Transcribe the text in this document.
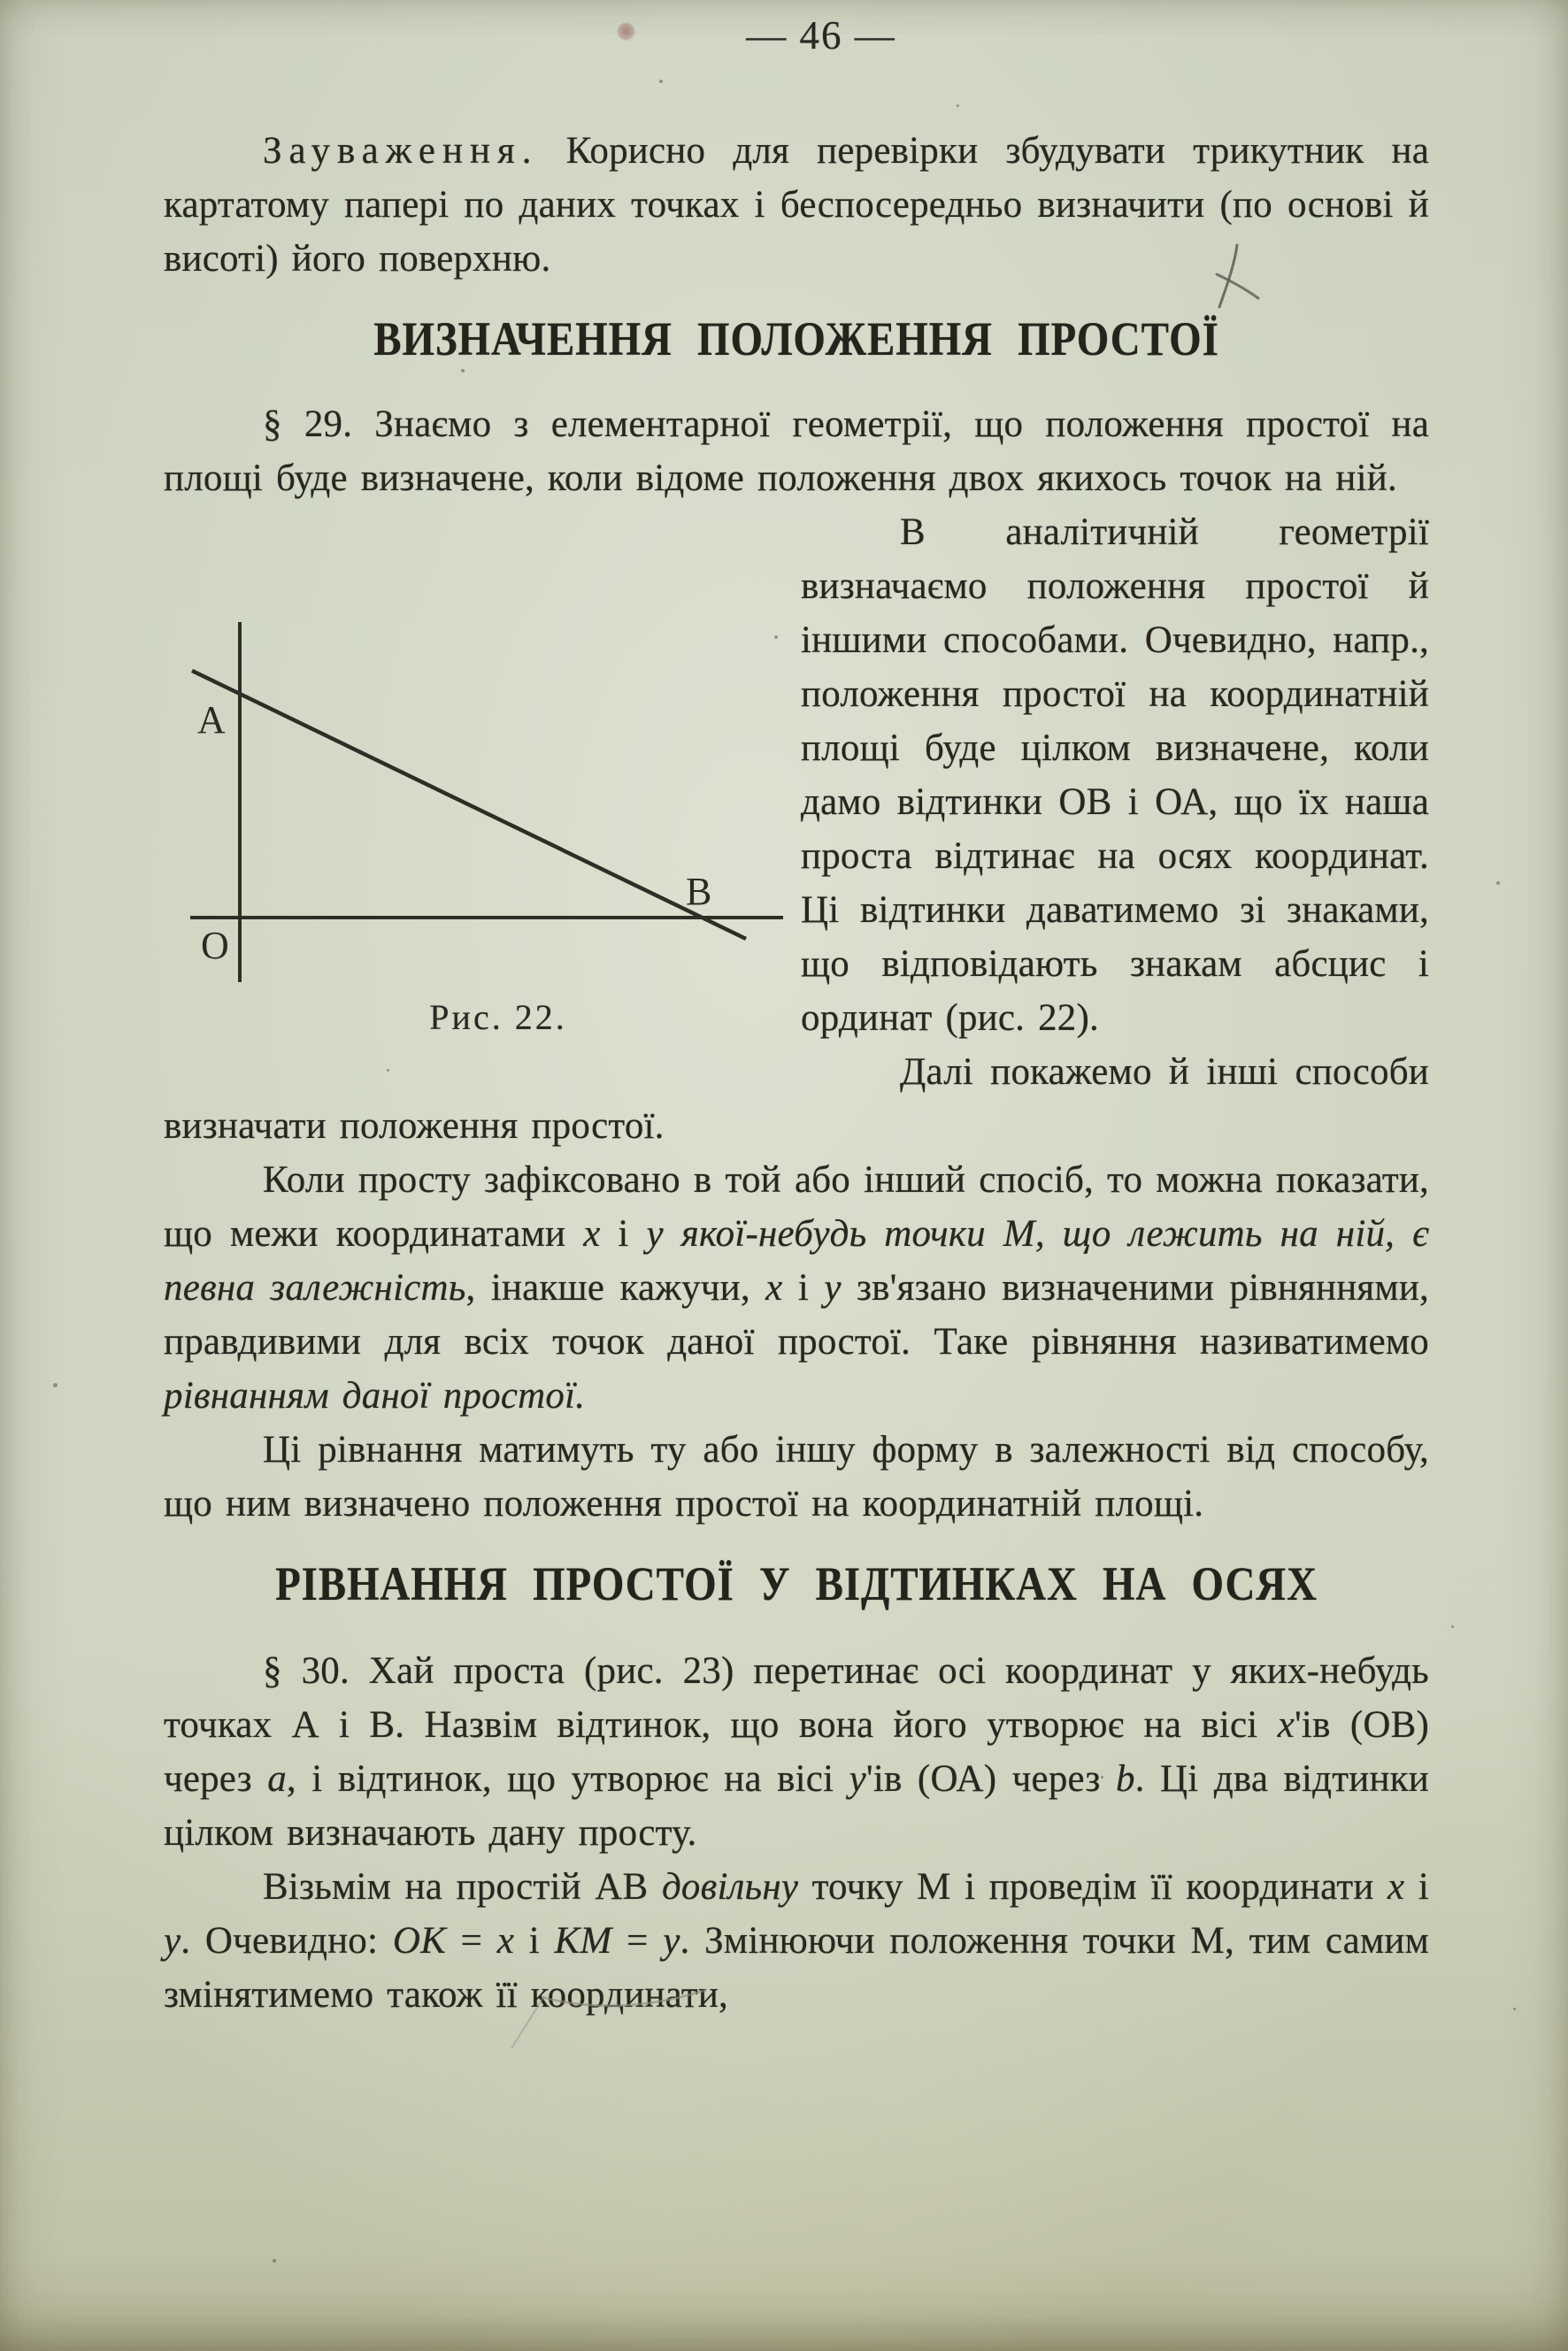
— 46 —

Зауваження. Корисно для перевірки збудувати трикутник на картатому папері по даних точках і беспосередньо визначити (по основі й висоті) його поверхню.

ВИЗНАЧЕННЯ ПОЛОЖЕННЯ ПРОСТОЇ

§ 29. Знаємо з елементарної геометрії, що положення простої на площі буде визначене, коли відоме положення двох якихось точок на ній.

A
B
O
Рис. 22.

В аналітичній геометрії визначаємо положення простої й іншими способами. Очевидно, напр., положення простої на координатній площі буде цілком визначене, коли дамо відтинки ОВ і ОА, що їх наша проста відтинає на осях координат. Ці відтинки даватимемо зі знаками, що відповідають знакам абсцис і ординат (рис. 22).

Далі покажемо й інші способи визначати положення простої.

Коли просту зафіксовано в той або інший спосіб, то можна показати, що межи координатами x і y якої-небудь точки М, що лежить на ній, є певна залежність, інакше кажучи, x і y зв'язано визначеними рівняннями, правдивими для всіх точок даної простої. Таке рівняння називатимемо рівнанням даної простої.

Ці рівнання матимуть ту або іншу форму в залежності від способу, що ним визначено положення простої на координатній площі.

РІВНАННЯ ПРОСТОЇ У ВІДТИНКАХ НА ОСЯХ

§ 30. Хай проста (рис. 23) перетинає осі координат у яких-небудь точках А і В. Назвім відтинок, що вона його утворює на вісі x'ів (ОВ) через a, і відтинок, що утворює на вісі y'ів (ОА) через b. Ці два відтинки цілком визначають дану просту.

Візьмім на простій АВ довільну точку М і проведім її координати x і y. Очевидно: OK = x і KM = y. Змінюючи положення точки М, тим самим змінятимемо також її координати,
